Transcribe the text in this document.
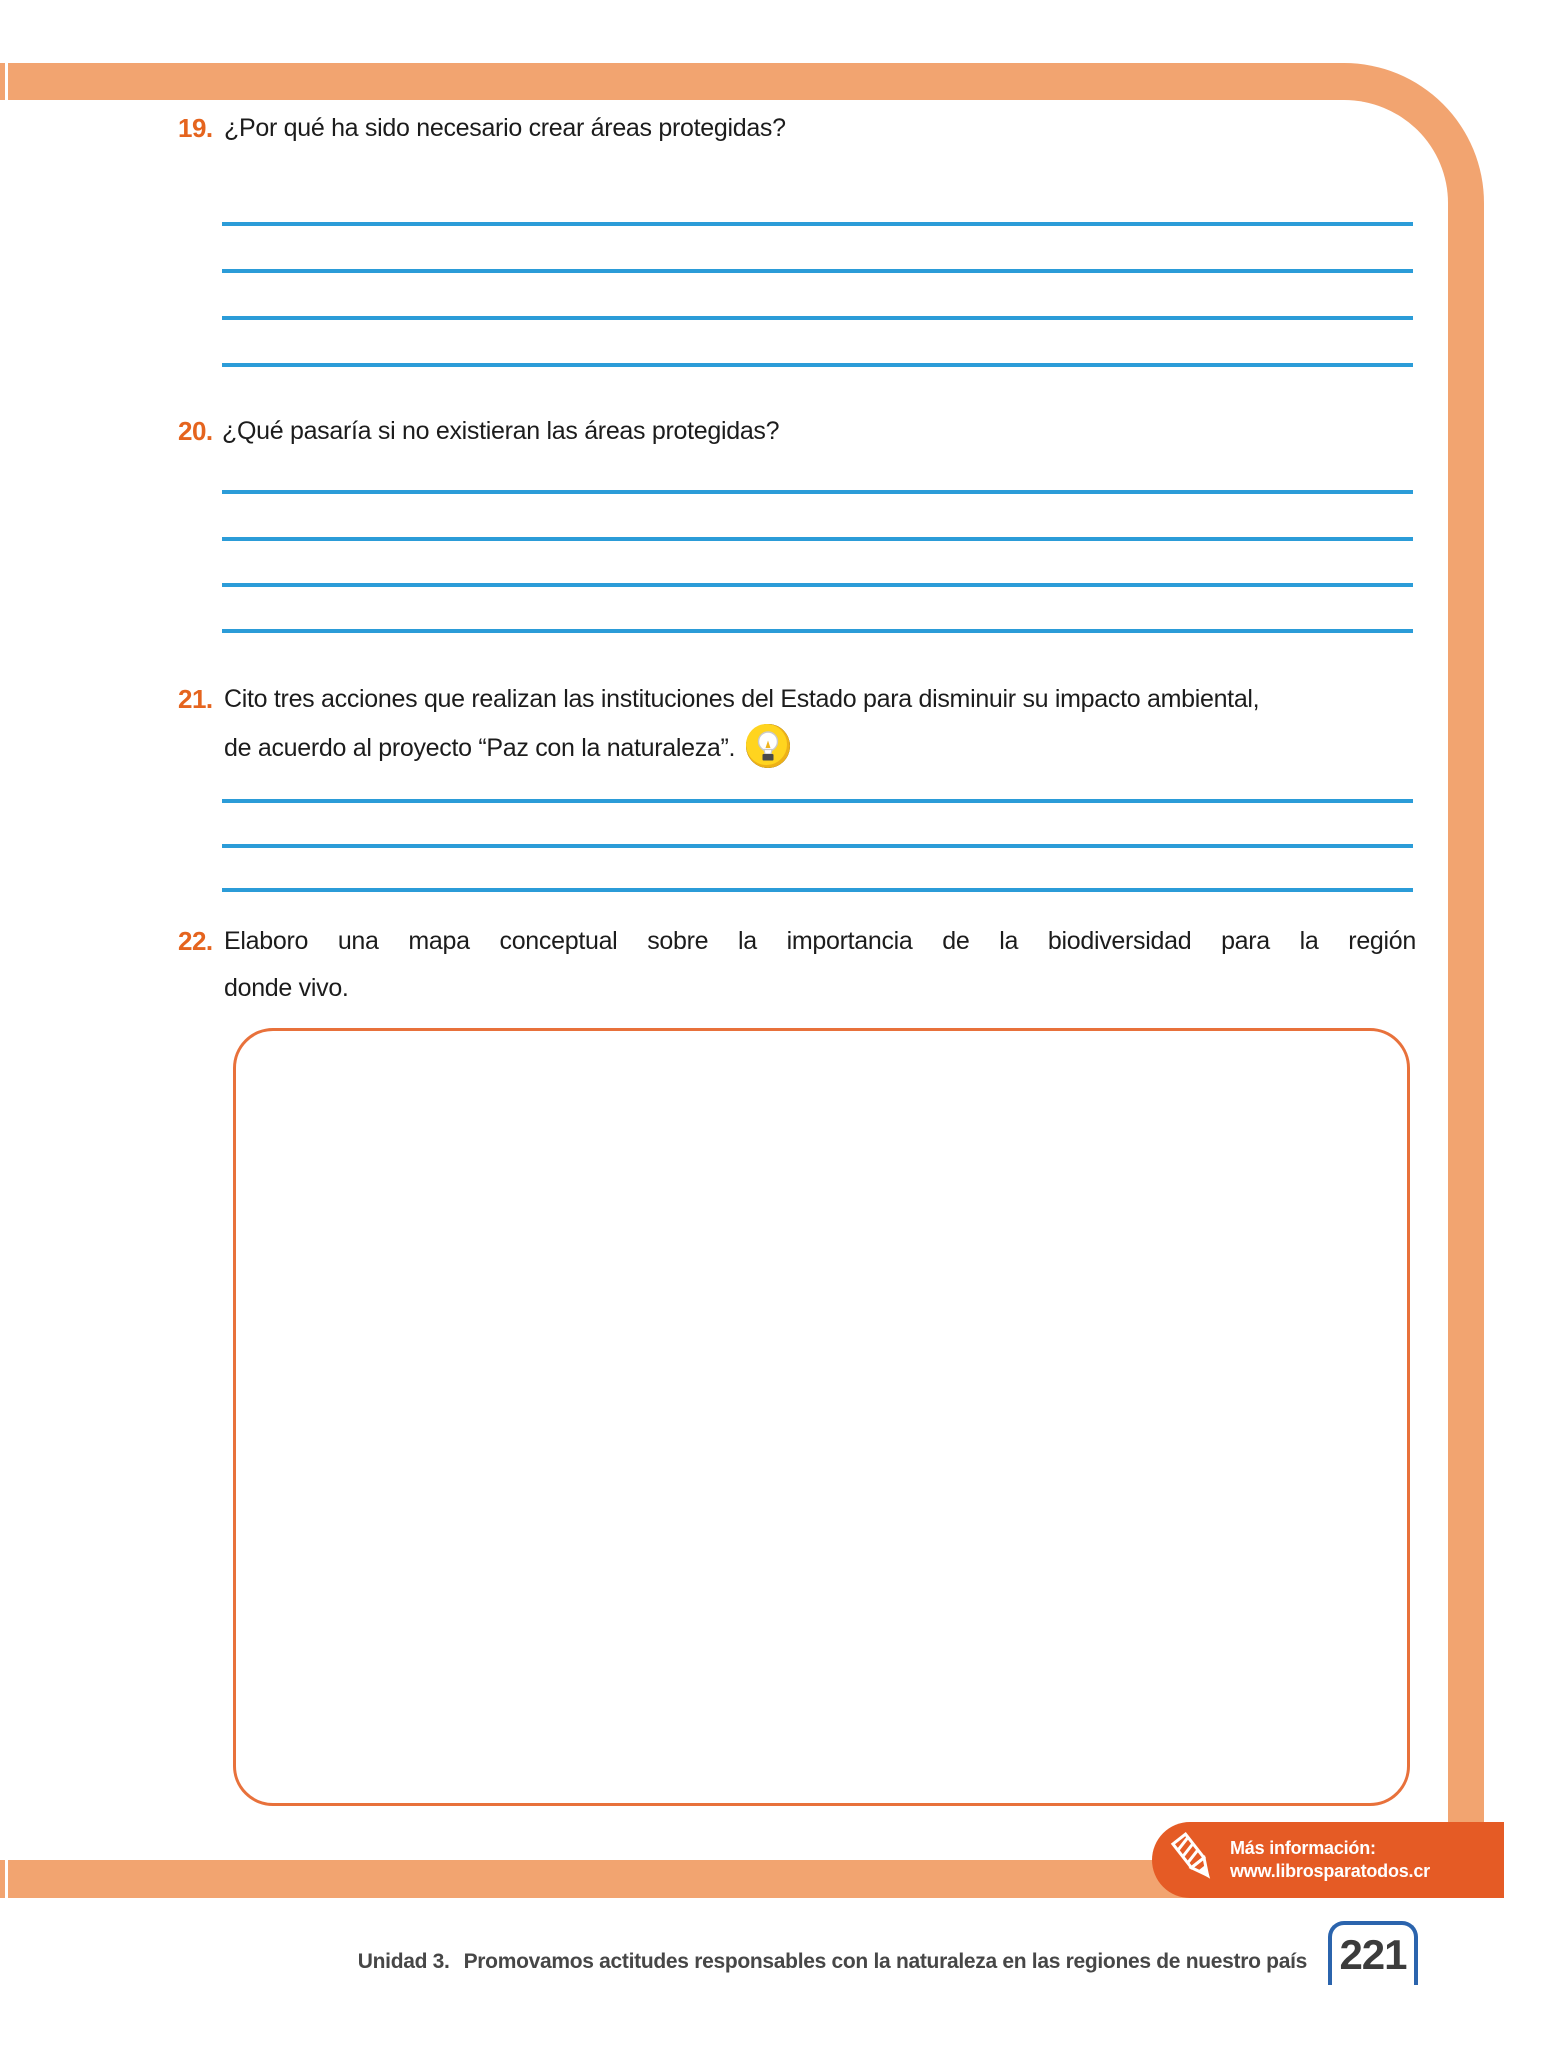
19. ¿Por qué ha sido necesario crear áreas protegidas?
20. ¿Qué pasaría si no existieran las áreas protegidas?
21. Cito tres acciones que realizan las instituciones del Estado para disminuir su impacto ambiental,
de acuerdo al proyecto “Paz con la naturaleza”.
22. Elaboro una mapa conceptual sobre la importancia de la biodiversidad para la región
donde vivo.
Más información:
www.librosparatodos.cr
Unidad 3. Promovamos actitudes responsables con la naturaleza en las regiones de nuestro país 221
